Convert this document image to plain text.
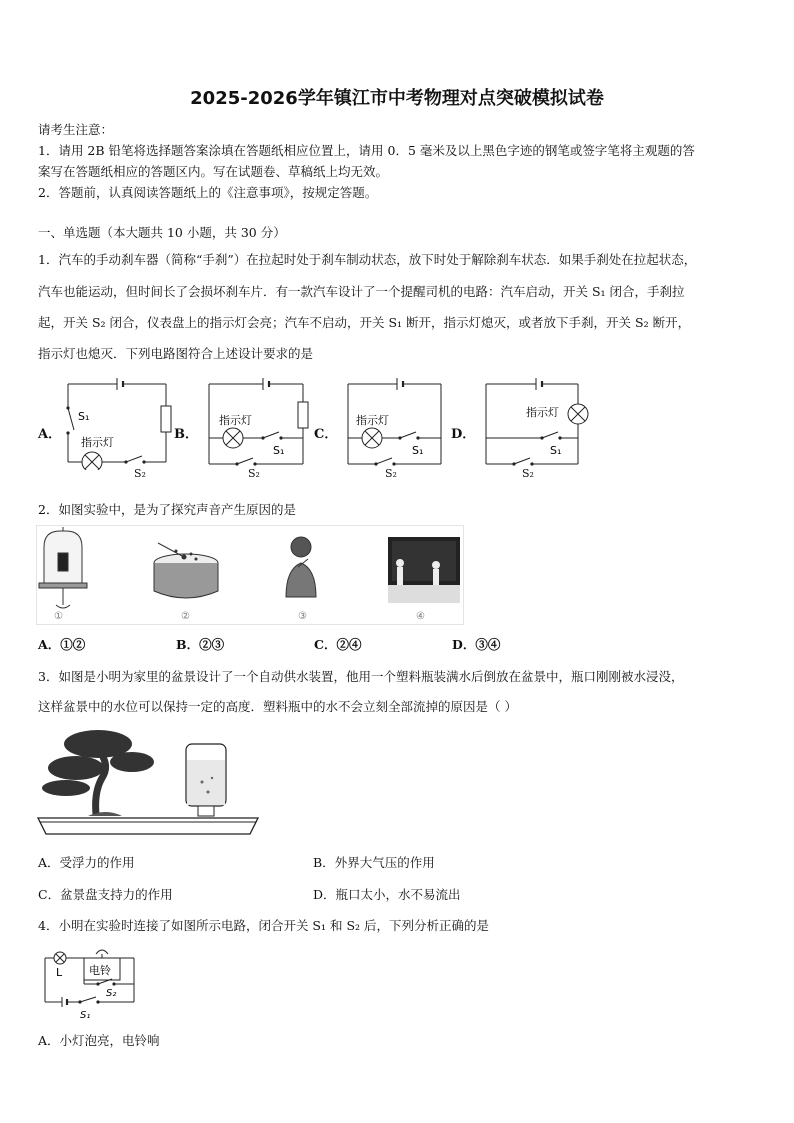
2025-2026学年镇江市中考物理对点突破模拟试卷
请考生注意：
1．请用 2B 铅笔将选择题答案涂填在答题纸相应位置上，请用 0．5 毫米及以上黑色字迹的钢笔或签字笔将主观题的答
案写在答题纸相应的答题区内。写在试题卷、草稿纸上均无效。
2．答题前，认真阅读答题纸上的《注意事项》，按规定答题。
一、单选题（本大题共 10 小题，共 30 分）
1．汽车的手动刹车器（简称“手刹”）在拉起时处于刹车制动状态，放下时处于解除刹车状态．如果手刹处在拉起状态，
汽车也能运动，但时间长了会损坏刹车片．有一款汽车设计了一个提醒司机的电路：汽车启动，开关 S₁ 闭合，手刹拉
起，开关 S₂ 闭合，仪表盘上的指示灯会亮；汽车不启动，开关 S₁ 断开，指示灯熄灭，或者放下手刹，开关 S₂ 断开，
指示灯也熄灭．下列电路图符合上述设计要求的是
A．	B．	C．	D．
S₁
指示灯
S₂
指示灯
S₁
S₂
指示灯
S₁
S₂
指示灯
S₁
S₂
2．如图实验中，是为了探究声音产生原因的是
①	②	③	④
A．①②	B．②③	C．②④	D．③④
3．如图是小明为家里的盆景设计了一个自动供水装置，他用一个塑料瓶装满水后倒放在盆景中，瓶口刚刚被水浸没，
这样盆景中的水位可以保持一定的高度．塑料瓶中的水不会立刻全部流掉的原因是（ ）
A．受浮力的作用	B．外界大气压的作用
C．盆景盘支持力的作用	D．瓶口太小，水不易流出
4．小明在实验时连接了如图所示电路，闭合开关 S₁ 和 S₂ 后，下列分析正确的是
L 电铃
S₂
S₁
A．小灯泡亮，电铃响
